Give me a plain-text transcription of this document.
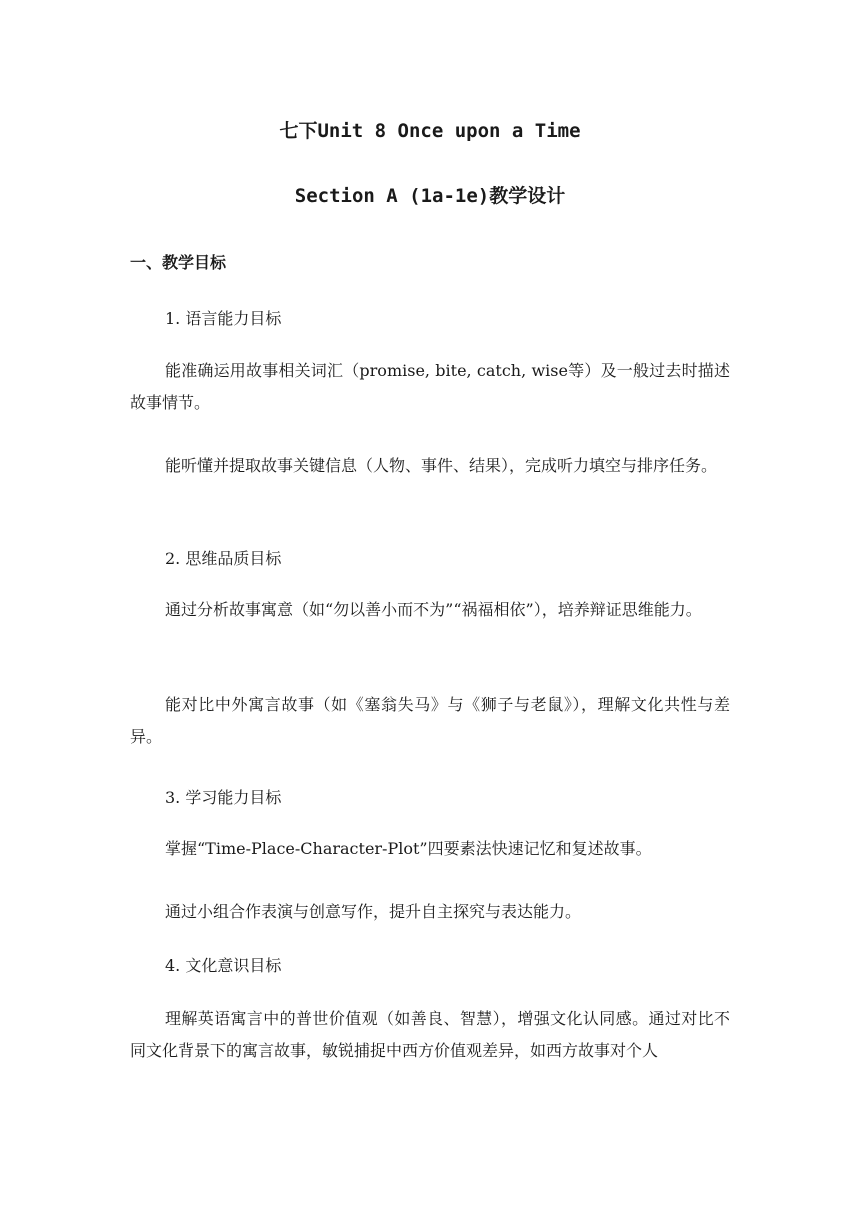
七下Unit 8 Once upon a Time
Section A (1a-1e)教学设计
一、教学目标
1. 语言能力目标
能准确运用故事相关词汇（promise, bite, catch, wise等）及一般过去时描述故事情节。
能听懂并提取故事关键信息（人物、事件、结果），完成听力填空与排序任务。
2. 思维品质目标
通过分析故事寓意（如“勿以善小而不为”“祸福相依”），培养辩证思维能力。
能对比中外寓言故事（如《塞翁失马》与《狮子与老鼠》），理解文化共性与差异。
3. 学习能力目标
掌握“Time-Place-Character-Plot”四要素法快速记忆和复述故事。
通过小组合作表演与创意写作，提升自主探究与表达能力。
4. 文化意识目标
理解英语寓言中的普世价值观（如善良、智慧），增强文化认同感。通过对比不同文化背景下的寓言故事，敏锐捕捉中西方价值观差异，如西方故事对个人
